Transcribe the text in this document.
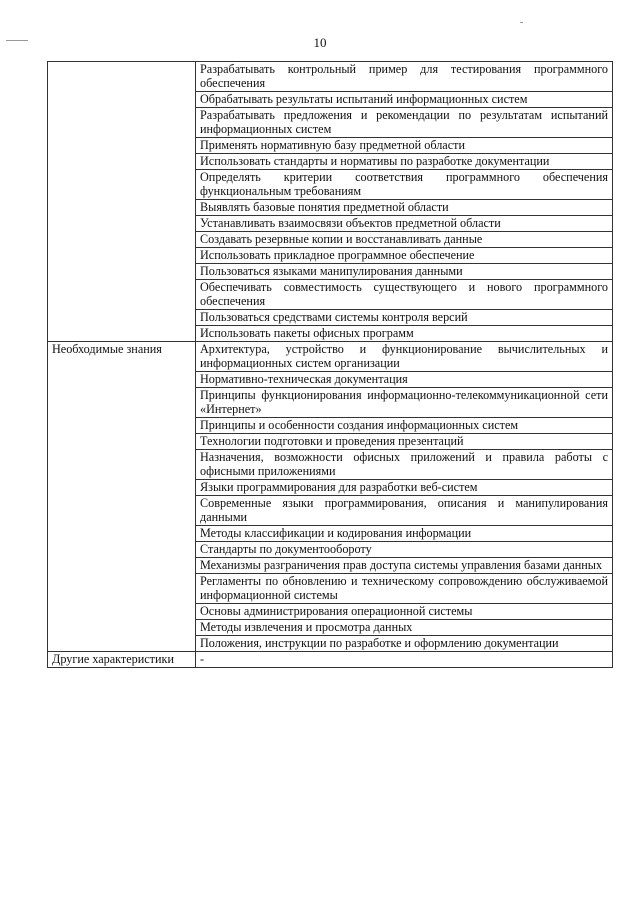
10
	Разрабатывать контрольный пример для тестирования программного обеспечения
	Обрабатывать результаты испытаний информационных систем
	Разрабатывать предложения и рекомендации по результатам испытаний информационных систем
	Применять нормативную базу предметной области
	Использовать стандарты и нормативы по разработке документации
	Определять критерии соответствия программного обеспечения функциональным требованиям
	Выявлять базовые понятия предметной области
	Устанавливать взаимосвязи объектов предметной области
	Создавать резервные копии и восстанавливать данные
	Использовать прикладное программное обеспечение
	Пользоваться языками манипулирования данными
	Обеспечивать совместимость существующего и нового программного обеспечения
	Пользоваться средствами системы контроля версий
	Использовать пакеты офисных программ
Необходимые знания	Архитектура, устройство и функционирование вычислительных и информационных систем организации
	Нормативно-техническая документация
	Принципы функционирования информационно-телекоммуникационной сети «Интернет»
	Принципы и особенности создания информационных систем
	Технологии подготовки и проведения презентаций
	Назначения, возможности офисных приложений и правила работы с офисными приложениями
	Языки программирования для разработки веб-систем
	Современные языки программирования, описания и манипулирования данными
	Методы классификации и кодирования информации
	Стандарты по документообороту
	Механизмы разграничения прав доступа системы управления базами данных
	Регламенты по обновлению и техническому сопровождению обслуживаемой информационной системы
	Основы администрирования операционной системы
	Методы извлечения и просмотра данных
	Положения, инструкции по разработке и оформлению документации
Другие характеристики	-
